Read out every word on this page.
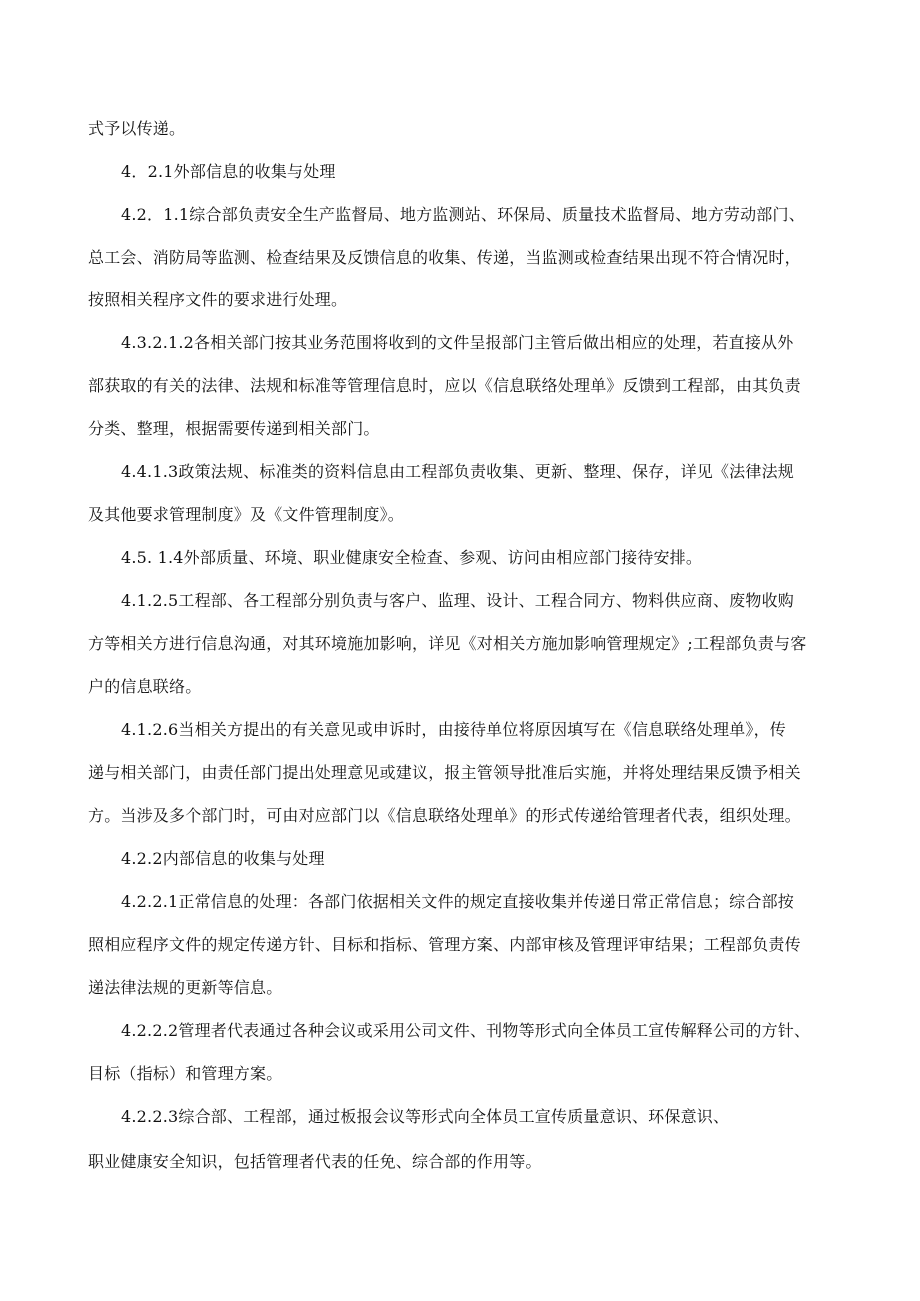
式予以传递。
4．2.1外部信息的收集与处理
4.2．1.1综合部负责安全生产监督局、地方监测站、环保局、质量技术监督局、地方劳动部门、
总工会、消防局等监测、检查结果及反馈信息的收集、传递，当监测或检查结果出现不符合情况时，
按照相关程序文件的要求进行处理。
4.3.2.1.2各相关部门按其业务范围将收到的文件呈报部门主管后做出相应的处理，若直接从外
部获取的有关的法律、法规和标准等管理信息时，应以《信息联络处理单》反馈到工程部，由其负责
分类、整理，根据需要传递到相关部门。
4.4.1.3政策法规、标准类的资料信息由工程部负责收集、更新、整理、保存，详见《法律法规
及其他要求管理制度》及《文件管理制度》。
4.5. 1.4外部质量、环境、职业健康安全检查、参观、访问由相应部门接待安排。
4.1.2.5工程部、各工程部分别负责与客户、监理、设计、工程合同方、物料供应商、废物收购
方等相关方进行信息沟通，对其环境施加影响，详见《对相关方施加影响管理规定》;工程部负责与客
户的信息联络。
4.1.2.6当相关方提出的有关意见或申诉时，由接待单位将原因填写在《信息联络处理单》，传
递与相关部门，由责任部门提出处理意见或建议，报主管领导批准后实施，并将处理结果反馈予相关
方。当涉及多个部门时，可由对应部门以《信息联络处理单》的形式传递给管理者代表，组织处理。
4.2.2内部信息的收集与处理
4.2.2.1正常信息的处理：各部门依据相关文件的规定直接收集并传递日常正常信息；综合部按
照相应程序文件的规定传递方针、目标和指标、管理方案、内部审核及管理评审结果；工程部负责传
递法律法规的更新等信息。
4.2.2.2管理者代表通过各种会议或采用公司文件、刊物等形式向全体员工宣传解释公司的方针、
目标（指标）和管理方案。
4.2.2.3综合部、工程部，通过板报会议等形式向全体员工宣传质量意识、环保意识、
职业健康安全知识，包括管理者代表的任免、综合部的作用等。
